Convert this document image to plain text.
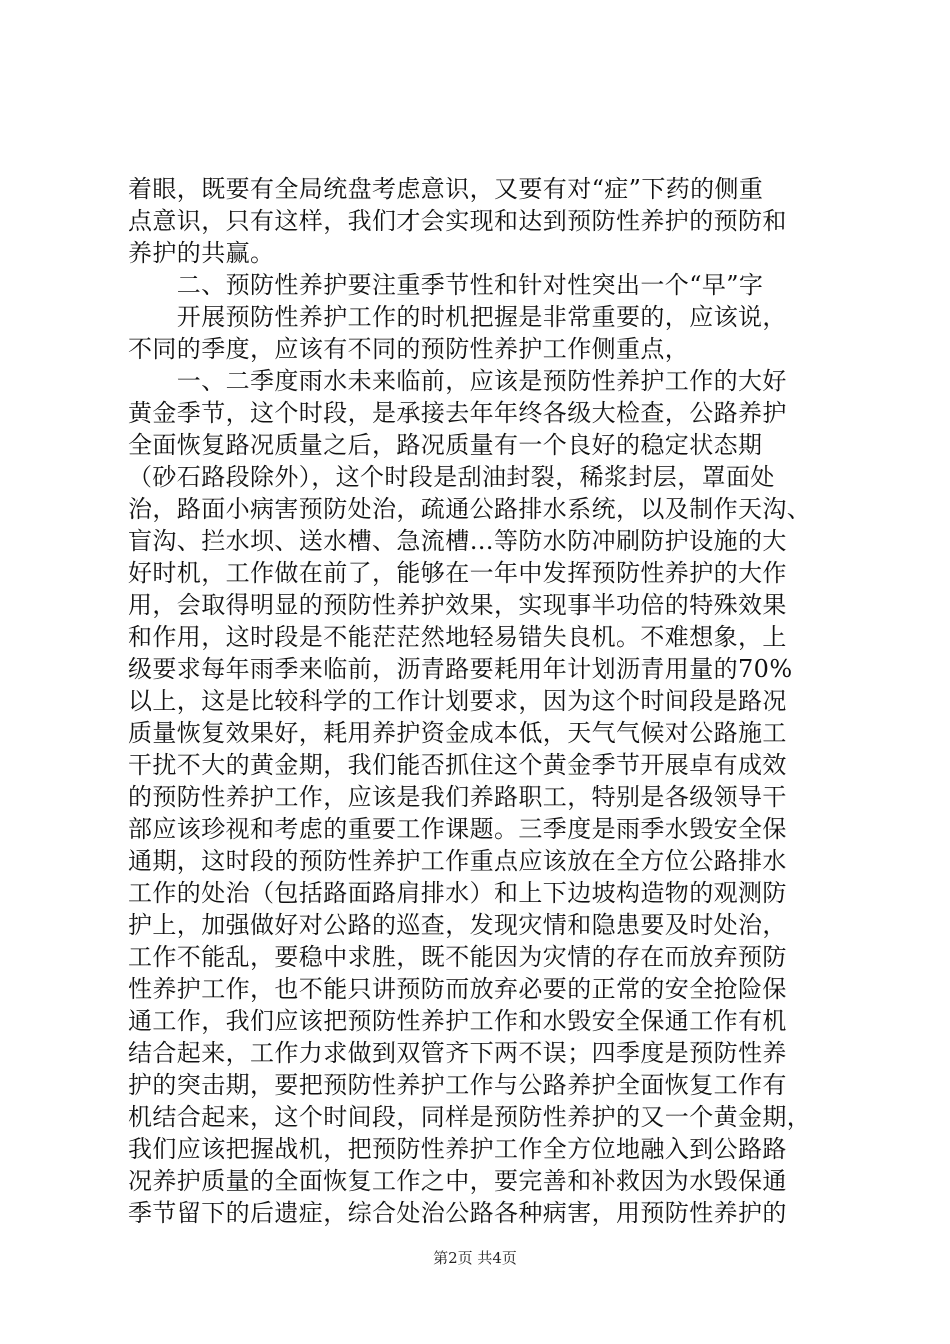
着眼，既要有全局统盘考虑意识，又要有对“症”下药的侧重
点意识，只有这样，我们才会实现和达到预防性养护的预防和
养护的共赢。
　　二、预防性养护要注重季节性和针对性突出一个“早”字
　　开展预防性养护工作的时机把握是非常重要的，应该说，
不同的季度，应该有不同的预防性养护工作侧重点，
　　一、二季度雨水未来临前，应该是预防性养护工作的大好
黄金季节，这个时段，是承接去年年终各级大检查，公路养护
全面恢复路况质量之后，路况质量有一个良好的稳定状态期
（砂石路段除外），这个时段是刮油封裂，稀浆封层，罩面处
治，路面小病害预防处治，疏通公路排水系统，以及制作天沟、
盲沟、拦水坝、送水槽、急流槽…等防水防冲刷防护设施的大
好时机，工作做在前了，能够在一年中发挥预防性养护的大作
用，会取得明显的预防性养护效果，实现事半功倍的特殊效果
和作用，这时段是不能茫茫然地轻易错失良机。不难想象，上
级要求每年雨季来临前，沥青路要耗用年计划沥青用量的70%
以上，这是比较科学的工作计划要求，因为这个时间段是路况
质量恢复效果好，耗用养护资金成本低，天气气候对公路施工
干扰不大的黄金期，我们能否抓住这个黄金季节开展卓有成效
的预防性养护工作，应该是我们养路职工，特别是各级领导干
部应该珍视和考虑的重要工作课题。三季度是雨季水毁安全保
通期，这时段的预防性养护工作重点应该放在全方位公路排水
工作的处治（包括路面路肩排水）和上下边坡构造物的观测防
护上，加强做好对公路的巡查，发现灾情和隐患要及时处治，
工作不能乱，要稳中求胜，既不能因为灾情的存在而放弃预防
性养护工作，也不能只讲预防而放弃必要的正常的安全抢险保
通工作，我们应该把预防性养护工作和水毁安全保通工作有机
结合起来，工作力求做到双管齐下两不误；四季度是预防性养
护的突击期，要把预防性养护工作与公路养护全面恢复工作有
机结合起来，这个时间段，同样是预防性养护的又一个黄金期，
我们应该把握战机，把预防性养护工作全方位地融入到公路路
况养护质量的全面恢复工作之中，要完善和补救因为水毁保通
季节留下的后遗症，综合处治公路各种病害，用预防性养护的
第2页 共4页
